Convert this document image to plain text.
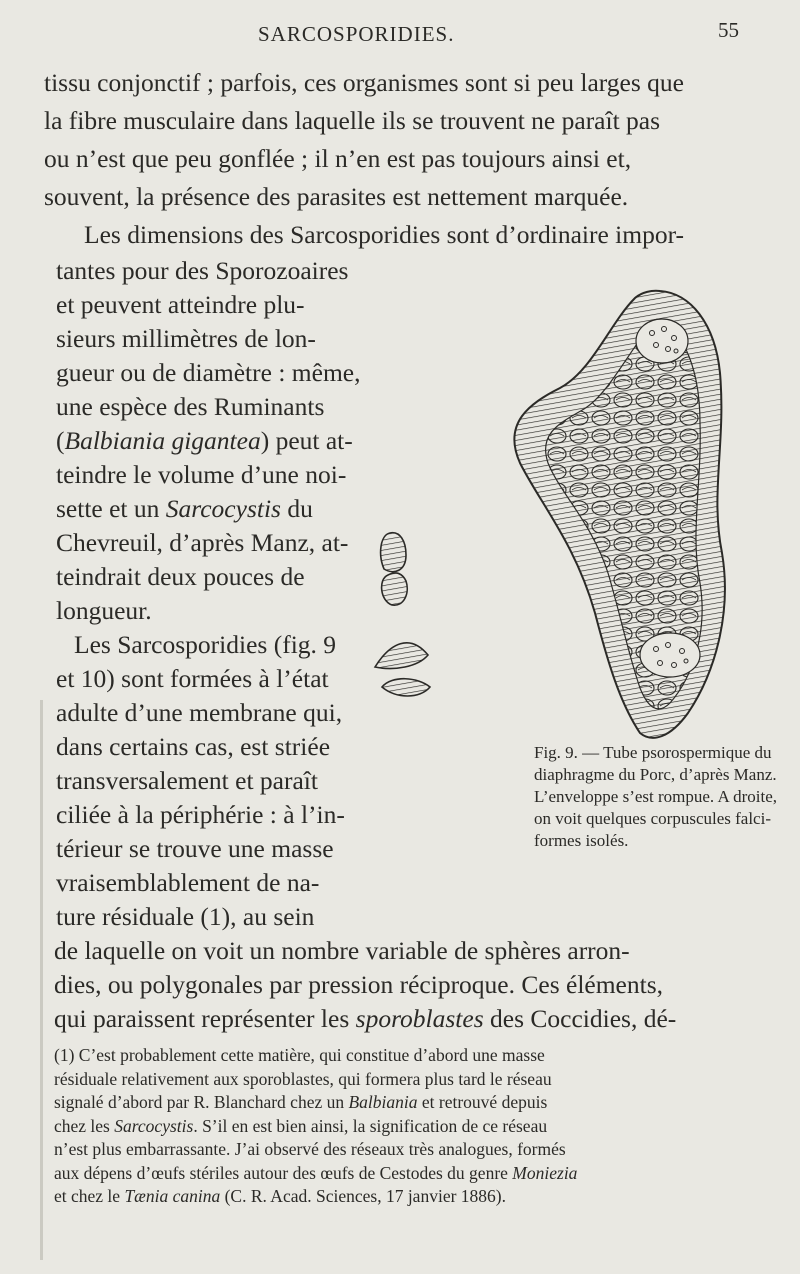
SARCOSPORIDIES.	55
tissu conjonctif ; parfois, ces organismes sont si peu larges que
la fibre musculaire dans laquelle ils se trouvent ne paraît pas
ou n’est que peu gonflée ; il n’en est pas toujours ainsi et,
souvent, la présence des parasites est nettement marquée.
Les dimensions des Sarcosporidies sont d’ordinaire impor-
tantes pour des Sporozoaires
et peuvent atteindre plu-
sieurs millimètres de lon-
gueur ou de diamètre : même,
une espèce des Ruminants
(Balbiania gigantea) peut at-
teindre le volume d’une noi-
sette et un Sarcocystis du
Chevreuil, d’après Manz, at-
teindrait deux pouces de
longueur.
Les Sarcosporidies (fig. 9
et 10) sont formées à l’état
adulte d’une membrane qui,
dans certains cas, est striée
transversalement et paraît
ciliée à la périphérie : à l’in-
térieur se trouve une masse
vraisemblablement de na-
ture résiduale (1), au sein
de laquelle on voit un nombre variable de sphères arron-
dies, ou polygonales par pression réciproque. Ces éléments,
qui paraissent représenter les sporoblastes des Coccidies, dé-
Fig. 9. — Tube psorospermique du
diaphragme du Porc, d’après Manz.
L’enveloppe s’est rompue. A droite,
on voit quelques corpuscules falci-
formes isolés.
(1) C’est probablement cette matière, qui constitue d’abord une masse
résiduale relativement aux sporoblastes, qui formera plus tard le réseau
signalé d’abord par R. Blanchard chez un Balbiania et retrouvé depuis
chez les Sarcocystis. S’il en est bien ainsi, la signification de ce réseau
n’est plus embarrassante. J’ai observé des réseaux très analogues, formés
aux dépens d’œufs stériles autour des œufs de Cestodes du genre Moniezia
et chez le Tænia canina (C. R. Acad. Sciences, 17 janvier 1886).
